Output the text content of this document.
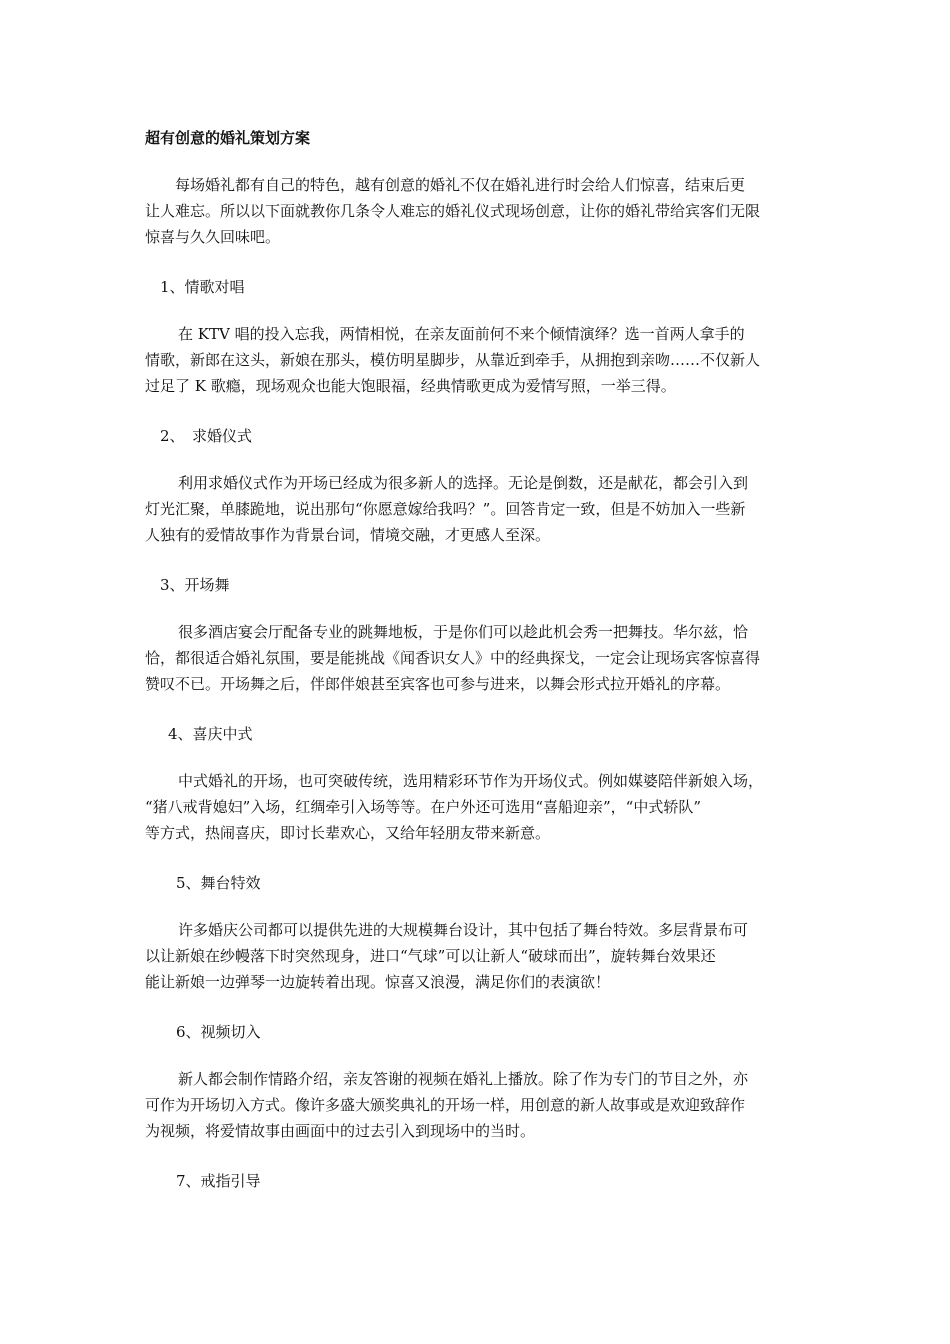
超有创意的婚礼策划方案

每场婚礼都有自己的特色，越有创意的婚礼不仅在婚礼进行时会给人们惊喜，结束后更
让人难忘。所以以下面就教你几条令人难忘的婚礼仪式现场创意，让你的婚礼带给宾客们无限
惊喜与久久回味吧。

1、情歌对唱

在 KTV 唱的投入忘我，两情相悦，在亲友面前何不来个倾情演绎？选一首两人拿手的
情歌，新郎在这头，新娘在那头，模仿明星脚步，从靠近到牵手，从拥抱到亲吻……不仅新人
过足了 K 歌瘾，现场观众也能大饱眼福，经典情歌更成为爱情写照，一举三得。

2、　求婚仪式

利用求婚仪式作为开场已经成为很多新人的选择。无论是倒数，还是献花，都会引入到
灯光汇聚，单膝跪地，说出那句“你愿意嫁给我吗？”。回答肯定一致，但是不妨加入一些新
人独有的爱情故事作为背景台词，情境交融，才更感人至深。

3、开场舞

很多酒店宴会厅配备专业的跳舞地板，于是你们可以趁此机会秀一把舞技。华尔兹，恰
恰，都很适合婚礼氛围，要是能挑战《闻香识女人》中的经典探戈，一定会让现场宾客惊喜得
赞叹不已。开场舞之后，伴郎伴娘甚至宾客也可参与进来，以舞会形式拉开婚礼的序幕。

4、喜庆中式

中式婚礼的开场，也可突破传统，选用精彩环节作为开场仪式。例如媒婆陪伴新娘入场，
“猪八戒背媳妇”入场，红绸牵引入场等等。在户外还可选用“喜船迎亲”，“中式轿队”
等方式，热闹喜庆，即讨长辈欢心，又给年轻朋友带来新意。

5、舞台特效

许多婚庆公司都可以提供先进的大规模舞台设计，其中包括了舞台特效。多层背景布可
以让新娘在纱幔落下时突然现身，进口“气球”可以让新人“破球而出”，旋转舞台效果还
能让新娘一边弹琴一边旋转着出现。惊喜又浪漫，满足你们的表演欲！

6、视频切入

新人都会制作情路介绍，亲友答谢的视频在婚礼上播放。除了作为专门的节目之外，亦
可作为开场切入方式。像许多盛大颁奖典礼的开场一样，用创意的新人故事或是欢迎致辞作
为视频，将爱情故事由画面中的过去引入到现场中的当时。

7、戒指引导
